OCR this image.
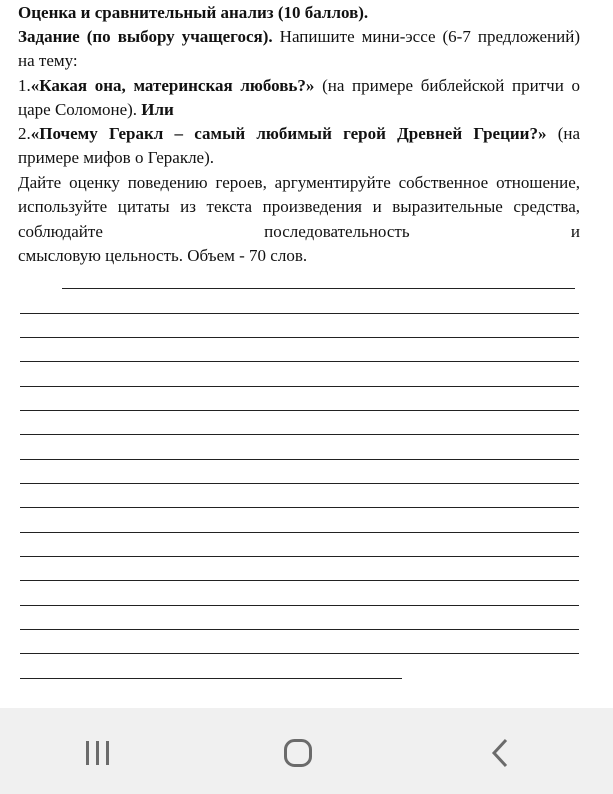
Оценка и сравнительный анализ (10 баллов).

Задание (по выбору учащегося). Напишите мини-эссе (6-7 предложений) на тему:

1.«Какая она, материнская любовь?» (на примере библейской притчи о царе Соломоне). Или

2.«Почему Геракл – самый любимый герой Древней Греции?» (на примере мифов о Геракле).

Дайте оценку поведению героев, аргументируйте собственное отношение, используйте цитаты из текста произведения и выразительные средства, соблюдайте последовательность и

смысловую цельность. Объем - 70 слов.
